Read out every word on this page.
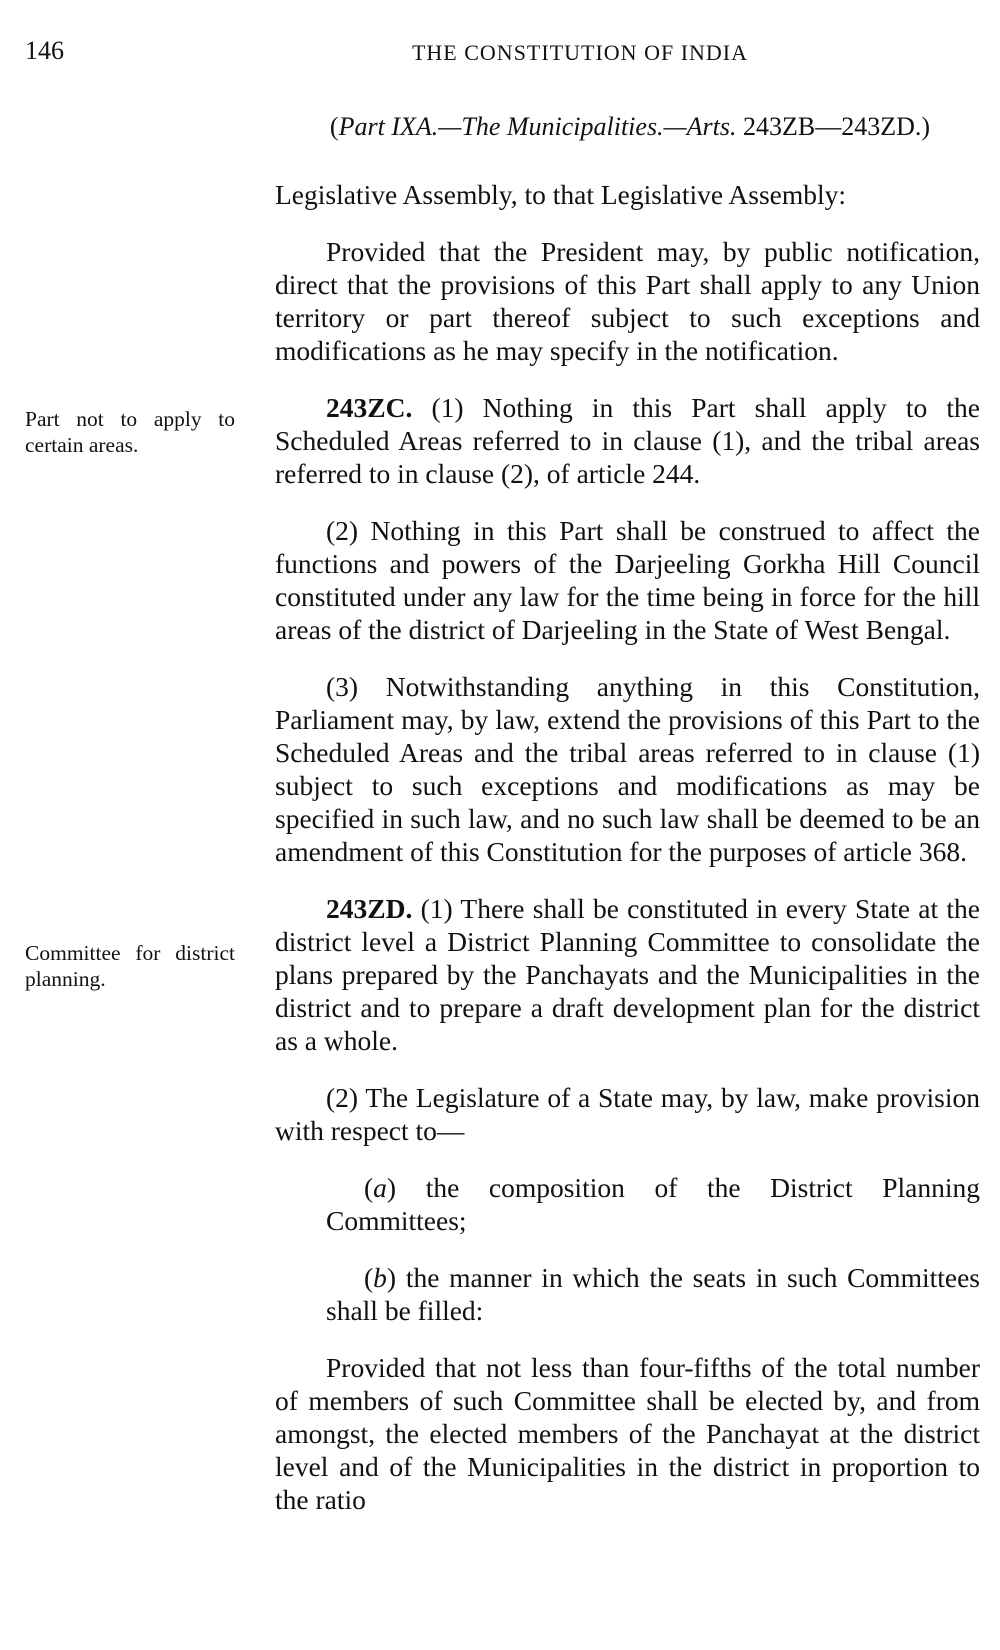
146	THE CONSTITUTION OF INDIA
(Part IXA.—The Municipalities.—Arts. 243ZB—243ZD.)
Part not to apply to certain areas.
Committee for district planning.

Legislative Assembly, to that Legislative Assembly:

Provided that the President may, by public notification, direct that the provisions of this Part shall apply to any Union territory or part thereof subject to such exceptions and modifications as he may specify in the notification.

243ZC. (1) Nothing in this Part shall apply to the Scheduled Areas referred to in clause (1), and the tribal areas referred to in clause (2), of article 244.

(2) Nothing in this Part shall be construed to affect the functions and powers of the Darjeeling Gorkha Hill Council constituted under any law for the time being in force for the hill areas of the district of Darjeeling in the State of West Bengal.

(3) Notwithstanding anything in this Constitution, Parliament may, by law, extend the provisions of this Part to the Scheduled Areas and the tribal areas referred to in clause (1) subject to such exceptions and modifications as may be specified in such law, and no such law shall be deemed to be an amendment of this Constitution for the purposes of article 368.

243ZD. (1) There shall be constituted in every State at the district level a District Planning Committee to consolidate the plans prepared by the Panchayats and the Municipalities in the district and to prepare a draft development plan for the district as a whole.

(2) The Legislature of a State may, by law, make provision with respect to—

(a) the composition of the District Planning Committees;

(b) the manner in which the seats in such Committees shall be filled:

Provided that not less than four-fifths of the total number of members of such Committee shall be elected by, and from amongst, the elected members of the Panchayat at the district level and of the Municipalities in the district in proportion to the ratio
